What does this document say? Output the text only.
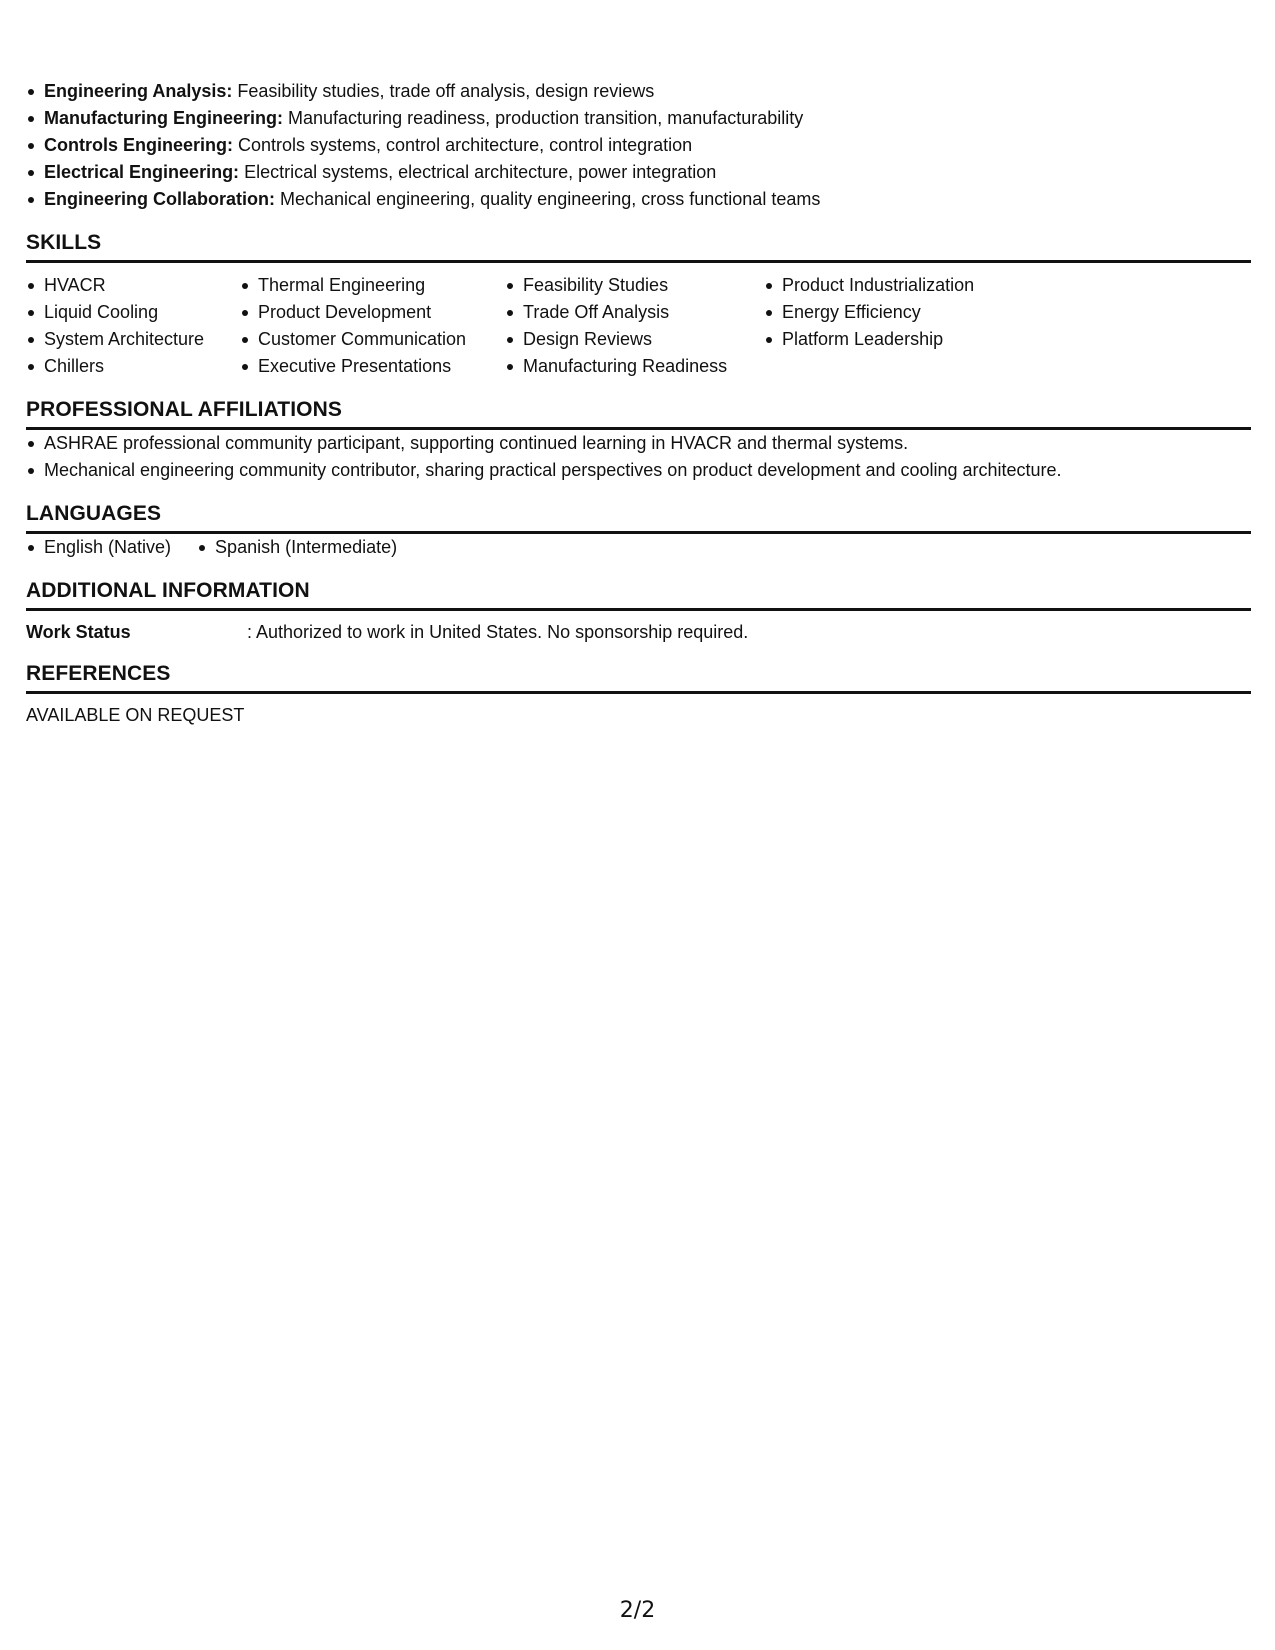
Engineering Analysis: Feasibility studies, trade off analysis, design reviews
Manufacturing Engineering: Manufacturing readiness, production transition, manufacturability
Controls Engineering: Controls systems, control architecture, control integration
Electrical Engineering: Electrical systems, electrical architecture, power integration
Engineering Collaboration: Mechanical engineering, quality engineering, cross functional teams
SKILLS
HVACR
Liquid Cooling
System Architecture
Chillers
Thermal Engineering
Product Development
Customer Communication
Executive Presentations
Feasibility Studies
Trade Off Analysis
Design Reviews
Manufacturing Readiness
Product Industrialization
Energy Efficiency
Platform Leadership
PROFESSIONAL AFFILIATIONS
ASHRAE professional community participant, supporting continued learning in HVACR and thermal systems.
Mechanical engineering community contributor, sharing practical perspectives on product development and cooling architecture.
LANGUAGES
English (Native)	Spanish (Intermediate)
ADDITIONAL INFORMATION
Work Status	: Authorized to work in United States. No sponsorship required.
REFERENCES
AVAILABLE ON REQUEST
2/2
